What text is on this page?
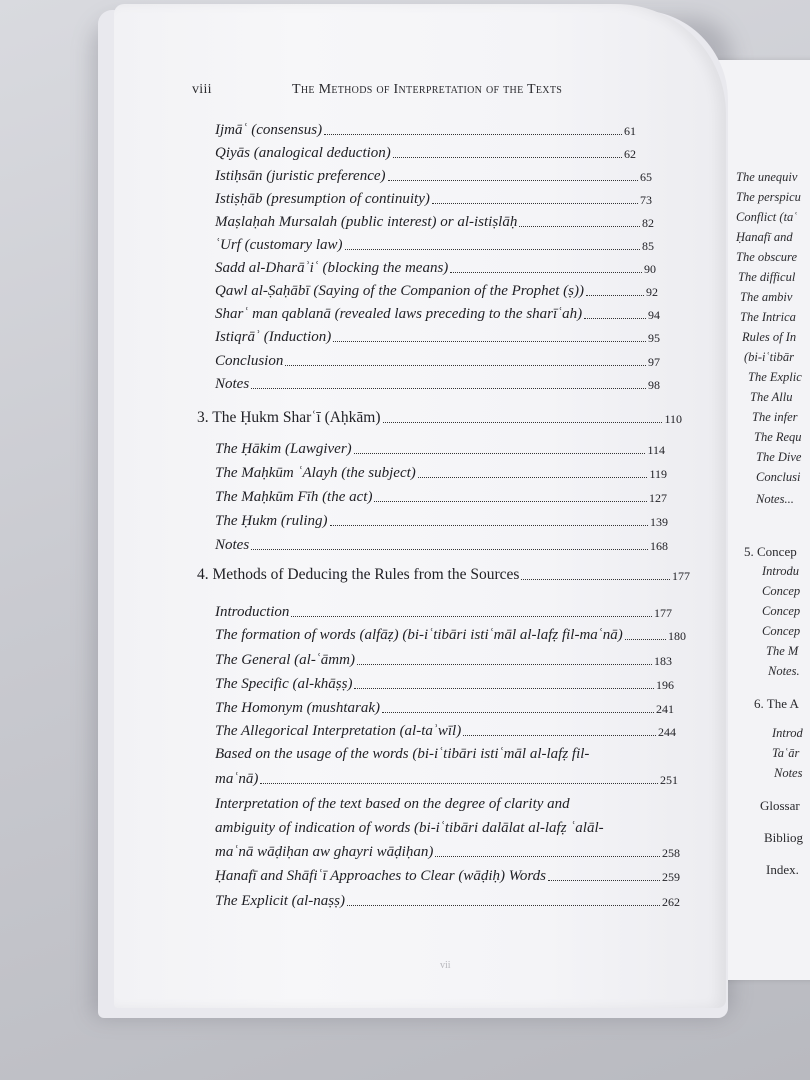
The unequiv
The perspicu
Conflict (taʿ
Ḥanafī and
The obscure
The difficul
The ambiv
The Intrica
Rules of In
(bi-iʿtibār
The Explic
The Allu
The infer
The Requ
The Dive
Conclusi
Notes...
5. Concep
Introdu
Concep
Concep
Concep
The M
Notes.
6. The A
Introd
Taʿār
Notes
Glossar
Bibliog
Index.
viii	The Methods of Interpretation of the Texts
Ijmāʿ (consensus)	61
Qiyās (analogical deduction)	62
Istiḥsān (juristic preference)	65
Istiṣḥāb (presumption of continuity)	73
Maṣlaḥah Mursalah (public interest) or al-istiṣlāḥ	82
ʿUrf (customary law)	85
Sadd al-Dharāʾiʿ (blocking the means)	90
Qawl al-Ṣaḥābī (Saying of the Companion of the Prophet (ṣ))	92
Sharʿ man qablanā (revealed laws preceding to the sharīʿah)	94
Istiqrāʾ (Induction)	95
Conclusion	97
Notes	98
3. The Ḥukm Sharʿī (Aḥkām)	110
The Ḥākim (Lawgiver)	114
The Maḥkūm ʿAlayh (the subject)	119
The Maḥkūm Fīh (the act)	127
The Ḥukm (ruling)	139
Notes	168
4. Methods of Deducing the Rules from the Sources	177
Introduction	177
The formation of words (alfāẓ) (bi-iʿtibāri istiʿmāl al-lafẓ fil-maʿnā)	180
The General (al-ʿāmm)	183
The Specific (al-khāṣṣ)	196
The Homonym (mushtarak)	241
The Allegorical Interpretation (al-taʾwīl)	244
Based on the usage of the words (bi-iʿtibāri istiʿmāl al-lafẓ fil-
maʿnā)	251
Interpretation of the text based on the degree of clarity and
ambiguity of indication of words (bi-iʿtibāri dalālat al-lafẓ ʿalāl-
maʿnā wāḍiḥan aw ghayri wāḍiḥan)	258
Ḥanafī and Shāfiʿī Approaches to Clear (wāḍiḥ) Words	259
The Explicit (al-naṣṣ)	262
vii
